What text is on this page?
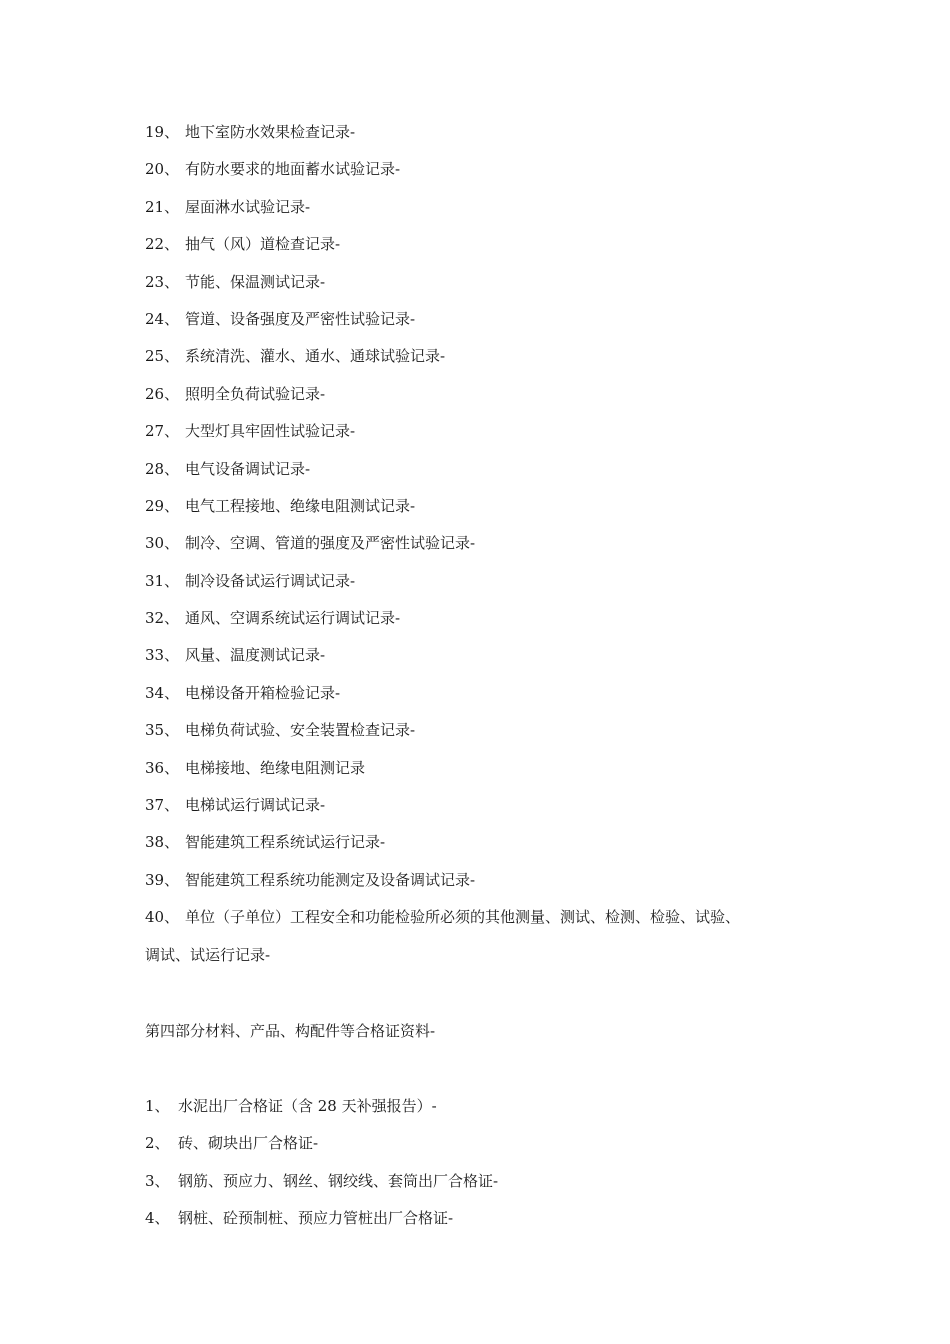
19、 地下室防水效果检查记录-
20、 有防水要求的地面蓄水试验记录-
21、 屋面淋水试验记录-
22、 抽气（风）道检查记录-
23、 节能、保温测试记录-
24、 管道、设备强度及严密性试验记录-
25、 系统清洗、灌水、通水、通球试验记录-
26、 照明全负荷试验记录-
27、 大型灯具牢固性试验记录-
28、 电气设备调试记录-
29、 电气工程接地、绝缘电阻测试记录-
30、 制冷、空调、管道的强度及严密性试验记录-
31、 制冷设备试运行调试记录-
32、 通风、空调系统试运行调试记录-
33、 风量、温度测试记录-
34、 电梯设备开箱检验记录-
35、 电梯负荷试验、安全装置检查记录-
36、 电梯接地、绝缘电阻测记录
37、 电梯试运行调试记录-
38、 智能建筑工程系统试运行记录-
39、 智能建筑工程系统功能测定及设备调试记录-
40、 单位（子单位）工程安全和功能检验所必须的其他测量、测试、检测、检验、试验、
调试、试运行记录-
第四部分材料、产品、构配件等合格证资料-
1、 水泥出厂合格证（含 28 天补强报告）-
2、 砖、砌块出厂合格证-
3、 钢筋、预应力、钢丝、钢绞线、套筒出厂合格证-
4、 钢桩、砼预制桩、预应力管桩出厂合格证-
